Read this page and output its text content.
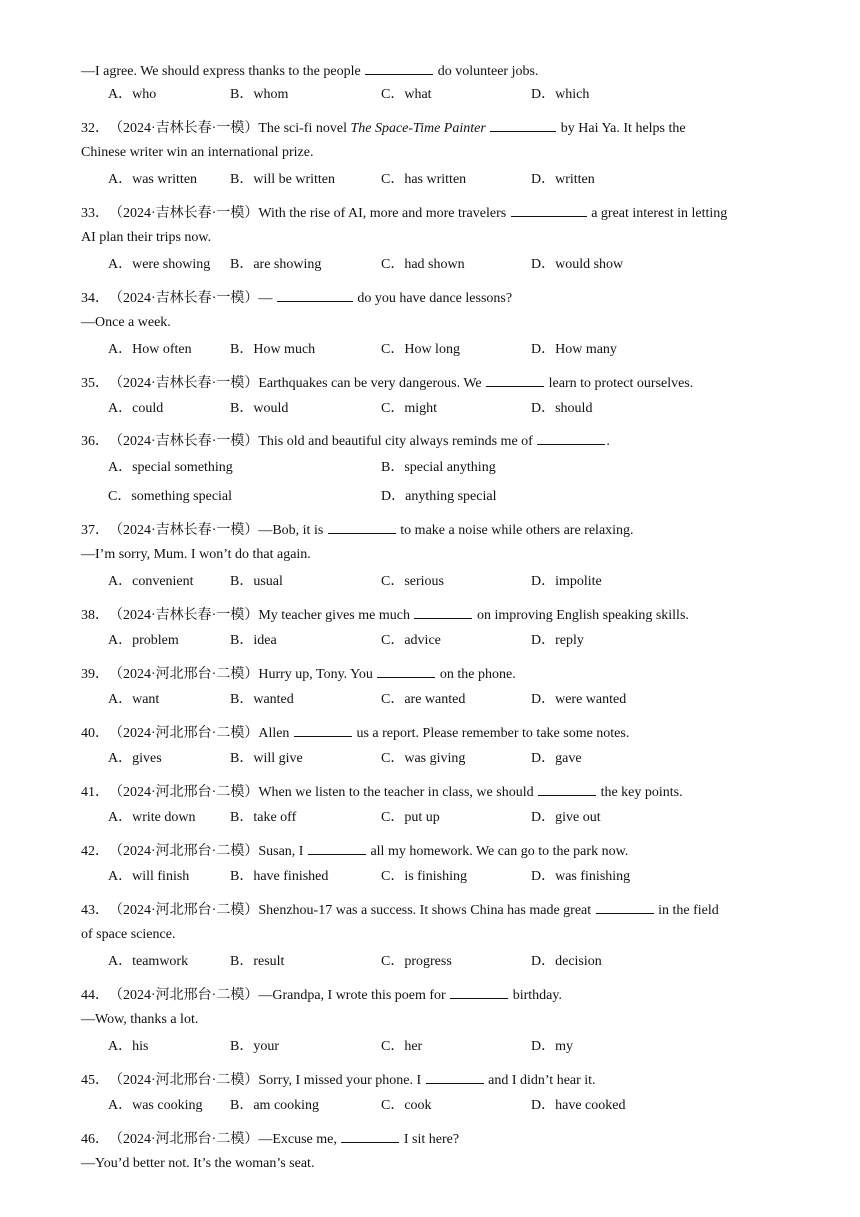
—I agree. We should express thanks to the people	do volunteer jobs.
A．who	B．whom	C．what	D．which
32．（2024·吉林长春·一模）The sci-fi novel The Space-Time Painter	by Hai Ya. It helps the
Chinese writer win an international prize.
A．was written B．will be written	C．has written	D．written
33．（2024·吉林长春·一模）With the rise of AI, more and more travelers	a great interest in letting
AI plan their trips now.
A．were showing B．are showing	C．had shown	D．would show
34．（2024·吉林长春·一模）—	do you have dance lessons?
—Once a week.
A．How often	B．How much	C．How long	D．How many
35．（2024·吉林长春·一模）Earthquakes can be very dangerous. We	learn to protect ourselves.
A．could	B．would	C．might	D．should
36．（2024·吉林长春·一模）This old and beautiful city always reminds me of	.
A．special something	B．special anything
C．something special	D．anything special
37．（2024·吉林长春·一模）—Bob, it is	to make a noise while others are relaxing.
—I’m sorry, Mum. I won’t do that again.
A．convenient	B．usual	C．serious	D．impolite
38．（2024·吉林长春·一模）My teacher gives me much	on improving English speaking skills.
A．problem	B．idea	C．advice	D．reply
39．（2024·河北邢台·二模）Hurry up, Tony. You	on the phone.
A．want	B．wanted	C．are wanted	D．were wanted
40．（2024·河北邢台·二模）Allen	us a report. Please remember to take some notes.
A．gives	B．will give	C．was giving	D．gave
41．（2024·河北邢台·二模）When we listen to the teacher in class, we should	the key points.
A．write down B．take off	C．put up	D．give out
42．（2024·河北邢台·二模）Susan, I	all my homework. We can go to the park now.
A．will finish	B．have finished	C．is finishing	D．was finishing
43．（2024·河北邢台·二模）Shenzhou-17 was a success. It shows China has made great	in the field
of space science.
A．teamwork	B．result	C．progress	D．decision
44．（2024·河北邢台·二模）—Grandpa, I wrote this poem for	birthday.
—Wow, thanks a lot.
A．his	B．your	C．her	D．my
45．（2024·河北邢台·二模）Sorry, I missed your phone. I	and I didn’t hear it.
A．was cooking B．am cooking	C．cook	D．have cooked
46．（2024·河北邢台·二模）—Excuse me,	I sit here?
—You’d better not. It’s the woman’s seat.
